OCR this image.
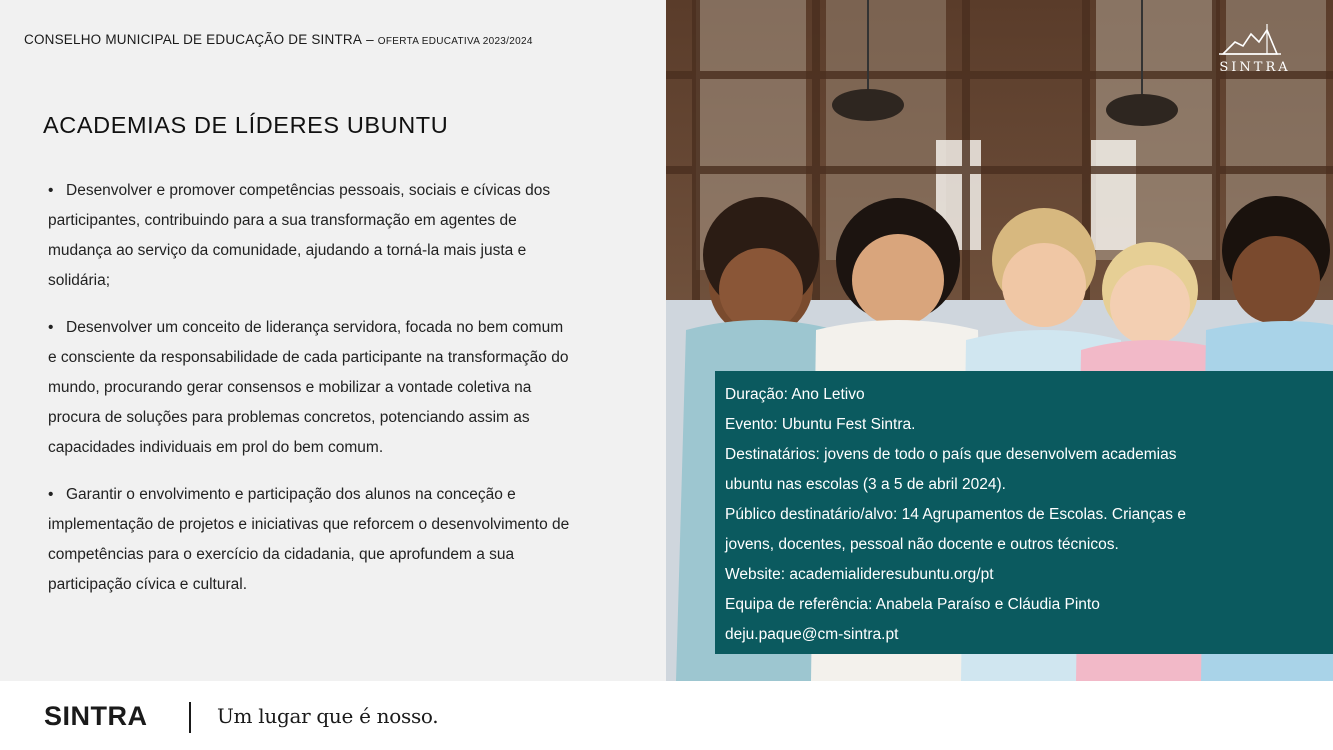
CONSELHO MUNICIPAL DE EDUCAÇÃO DE SINTRA – OFERTA EDUCATIVA 2023/2024
ACADEMIAS DE LÍDERES UBUNTU
• Desenvolver e promover competências pessoais, sociais e cívicas dos participantes, contribuindo para a sua transformação em agentes de mudança ao serviço da comunidade, ajudando a torná-la mais justa e solidária;
• Desenvolver um conceito de liderança servidora, focada no bem comum e consciente da responsabilidade de cada participante na transformação do mundo, procurando gerar consensos e mobilizar a vontade coletiva na procura de soluções para problemas concretos, potenciando assim as capacidades individuais em prol do bem comum.
• Garantir o envolvimento e participação dos alunos na conceção e implementação de projetos e iniciativas que reforcem o desenvolvimento de competências para o exercício da cidadania, que aprofundem a sua participação cívica e cultural.
SINTRA

Duração: Ano Letivo

Evento: Ubuntu Fest Sintra.

Destinatários: jovens de todo o país que desenvolvem academias

ubuntu nas escolas (3 a 5 de abril 2024).

Público destinatário/alvo: 14 Agrupamentos de Escolas. Crianças e

jovens, docentes, pessoal não docente e outros técnicos.

Website: academialideresubuntu.org/pt

Equipa de referência: Anabela Paraíso e Cláudia Pinto

deju.paque@cm-sintra.pt

SINTRA	Um lugar que é nosso.
